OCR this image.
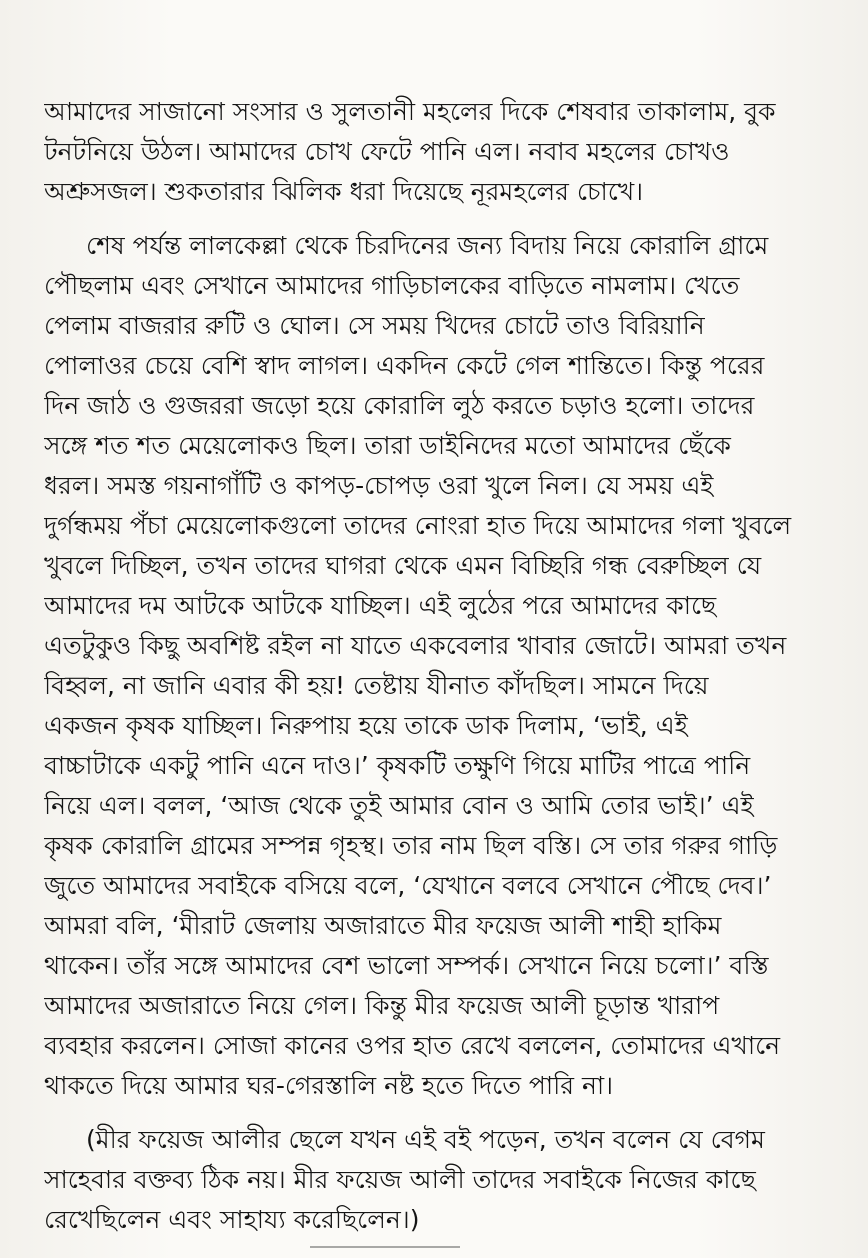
আমাদের সাজানো সংসার ও সুলতানী মহলের দিকে শেষবার তাকালাম, বুক
টনটনিয়ে উঠল। আমাদের চোখ ফেটে পানি এল। নবাব মহলের চোখও
অশ্রুসজল। শুকতারার ঝিলিক ধরা দিয়েছে নূরমহলের চোখে।

শেষ পর্যন্ত লালকেল্লা থেকে চিরদিনের জন্য বিদায় নিয়ে কোরালি গ্রামে
পৌছলাম এবং সেখানে আমাদের গাড়িচালকের বাড়িতে নামলাম। খেতে
পেলাম বাজরার রুটি ও ঘোল। সে সময় খিদের চোটে তাও বিরিয়ানি
পোলাওর চেয়ে বেশি স্বাদ লাগল। একদিন কেটে গেল শান্তিতে। কিন্তু পরের
দিন জাঠ ও গুজররা জড়ো হয়ে কোরালি লুঠ করতে চড়াও হলো। তাদের
সঙ্গে শত শত মেয়েলোকও ছিল। তারা ডাইনিদের মতো আমাদের ছেঁকে
ধরল। সমস্ত গয়নাগাঁটি ও কাপড়-চোপড় ওরা খুলে নিল। যে সময় এই
দুর্গন্ধময় পঁচা মেয়েলোকগুলো তাদের নোংরা হাত দিয়ে আমাদের গলা খুবলে
খুবলে দিচ্ছিল, তখন তাদের ঘাগরা থেকে এমন বিচ্ছিরি গন্ধ বেরুচ্ছিল যে
আমাদের দম আটকে আটকে যাচ্ছিল। এই লুঠের পরে আমাদের কাছে
এতটুকুও কিছু অবশিষ্ট রইল না যাতে একবেলার খাবার জোটে। আমরা তখন
বিহ্বল, না জানি এবার কী হয়! তেষ্টায় যীনাত কাঁদছিল। সামনে দিয়ে
একজন কৃষক যাচ্ছিল। নিরুপায় হয়ে তাকে ডাক দিলাম, ‘ভাই, এই
বাচ্চাটাকে একটু পানি এনে দাও।’ কৃষকটি তক্ষুণি গিয়ে মাটির পাত্রে পানি
নিয়ে এল। বলল, ‘আজ থেকে তুই আমার বোন ও আমি তোর ভাই।’ এই
কৃষক কোরালি গ্রামের সম্পন্ন গৃহস্থ। তার নাম ছিল বস্তি। সে তার গরুর গাড়ি
জুতে আমাদের সবাইকে বসিয়ে বলে, ‘যেখানে বলবে সেখানে পৌছে দেব।’
আমরা বলি, ‘মীরাট জেলায় অজারাতে মীর ফয়েজ আলী শাহী হাকিম
থাকেন। তাঁর সঙ্গে আমাদের বেশ ভালো সম্পর্ক। সেখানে নিয়ে চলো।’ বস্তি
আমাদের অজারাতে নিয়ে গেল। কিন্তু মীর ফয়েজ আলী চূড়ান্ত খারাপ
ব্যবহার করলেন। সোজা কানের ওপর হাত রেখে বললেন, তোমাদের এখানে
থাকতে দিয়ে আমার ঘর-গেরস্তালি নষ্ট হতে দিতে পারি না।

(মীর ফয়েজ আলীর ছেলে যখন এই বই পড়েন, তখন বলেন যে বেগম
সাহেবার বক্তব্য ঠিক নয়। মীর ফয়েজ আলী তাদের সবাইকে নিজের কাছে
রেখেছিলেন এবং সাহায্য করেছিলেন।)
